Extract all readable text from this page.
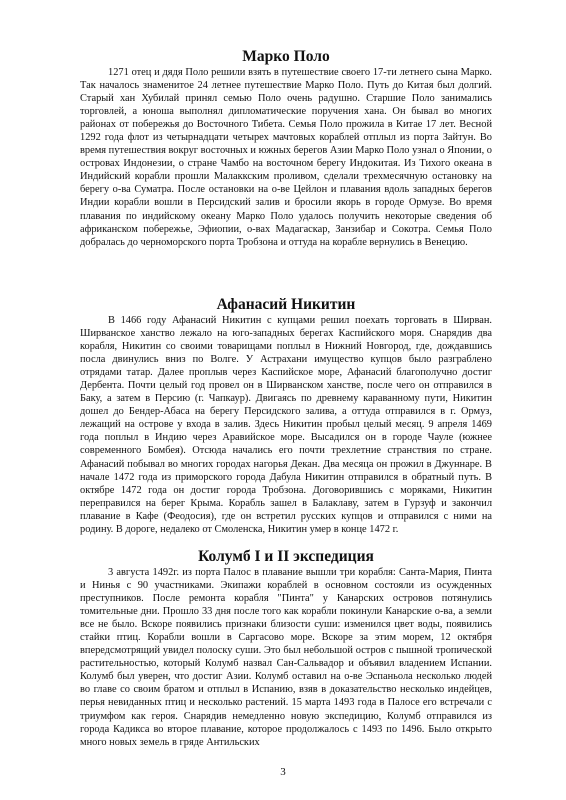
Марко Поло

1271 отец и дядя Поло решили взять в путешествие своего 17-ти летнего сына Марко. Так началось знаменитое 24 летнее путешествие Марко Поло. Путь до Китая был долгий. Старый хан Хубилай принял семью Поло очень радушно. Старшие Поло занимались торговлей, а юноша выполнял дипломатические поручения хана. Он бывал во многих районах от побережья до Восточного Тибета. Семья Поло прожила в Китае 17 лет. Весной 1292 года флот из четырнадцати четырех мачтовых кораблей отплыл из порта Зайтун. Во время путешествия вокруг восточных и южных берегов Азии Марко Поло узнал о Японии, о островах Индонезии, о стране Чамбо на восточном берегу Индокитая. Из Тихого океана в Индийский корабли прошли Малаккским проливом, сделали трехмесячную остановку на берегу о-ва Суматра. После остановки на о-ве Цейлон и плавания вдоль западных берегов Индии корабли вошли в Персидский залив и бросили якорь в городе Ормузе. Во время плавания по индийскому океану Марко Поло удалось получить некоторые сведения об африканском побережье, Эфиопии, о-вах Мадагаскар, Занзибар и Сокотра. Семья Поло добралась до черноморского порта Тробзона и оттуда на корабле вернулись в Венецию.

Афанасий Никитин

В 1466 году Афанасий Никитин с купцами решил поехать торговать в Ширван. Ширванское ханство лежало на юго-западных берегах Каспийского моря. Снарядив два корабля, Никитин со своими товарищами поплыл в Нижний Новгород, где, дождавшись посла двинулись вниз по Волге. У Астрахани имущество купцов было разграблено отрядами татар. Далее проплыв через Каспийское море, Афанасий благополучно достиг Дербента. Почти целый год провел он в Ширванском ханстве, после чего он отправился в Баку, а затем в Персию (г. Чапкаур). Двигаясь по древнему караванному пути, Никитин дошел до Бендер-Абаса на берегу Персидского залива, а оттуда отправился в г. Ормуз, лежащий на острове у входа в залив. Здесь Никитин пробыл целый месяц. 9 апреля 1469 года поплыл в Индию через Аравийское море. Высадился он в городе Чауле (южнее современного Бомбея). Отсюда начались его почти трехлетние странствия по стране. Афанасий побывал во многих городах нагорья Декан. Два месяца он прожил в Джуннаре. В начале 1472 года из приморского города Дабула Никитин отправился в обратный путь. В октябре 1472 года он достиг города Тробзона. Договорившись с моряками, Никитин переправился на берег Крыма. Корабль зашел в Балаклаву, затем в Гурзуф и закончил плавание в Кафе (Феодосия), где он встретил русских купцов и отправился с ними на родину. В дороге, недалеко от Смоленска, Никитин умер в конце 1472 г.

Колумб I и II экспедиция

3 августа 1492г. из порта Палос в плавание вышли три корабля: Санта-Мария, Пинта и Нинья с 90 участниками. Экипажи кораблей в основном состояли из осужденных преступников. После ремонта корабля "Пинта" у Канарских островов потянулись томительные дни. Прошло 33 дня после того как корабли покинули Канарские о-ва, а земли все не было. Вскоре появились признаки близости суши: изменился цвет воды, появились стайки птиц. Корабли вошли в Саргасово море. Вскоре за этим морем, 12 октября впередсмотрящий увидел полоску суши. Это был небольшой остров с пышной тропической растительностью, который Колумб назвал Сан-Сальвадор и объявил владением Испании. Колумб был уверен, что достиг Азии. Колумб оставил на о-ве Эспаньола несколько людей во главе со своим братом и отплыл в Испанию, взяв в доказательство несколько индейцев, перья невиданных птиц и несколько растений. 15 марта 1493 года в Палосе его встречали с триумфом как героя. Снарядив немедленно новую экспедицию, Колумб отправился из города Кадикса во второе плавание, которое продолжалось с 1493 по 1496. Было открыто много новых земель в гряде Антильских

3
